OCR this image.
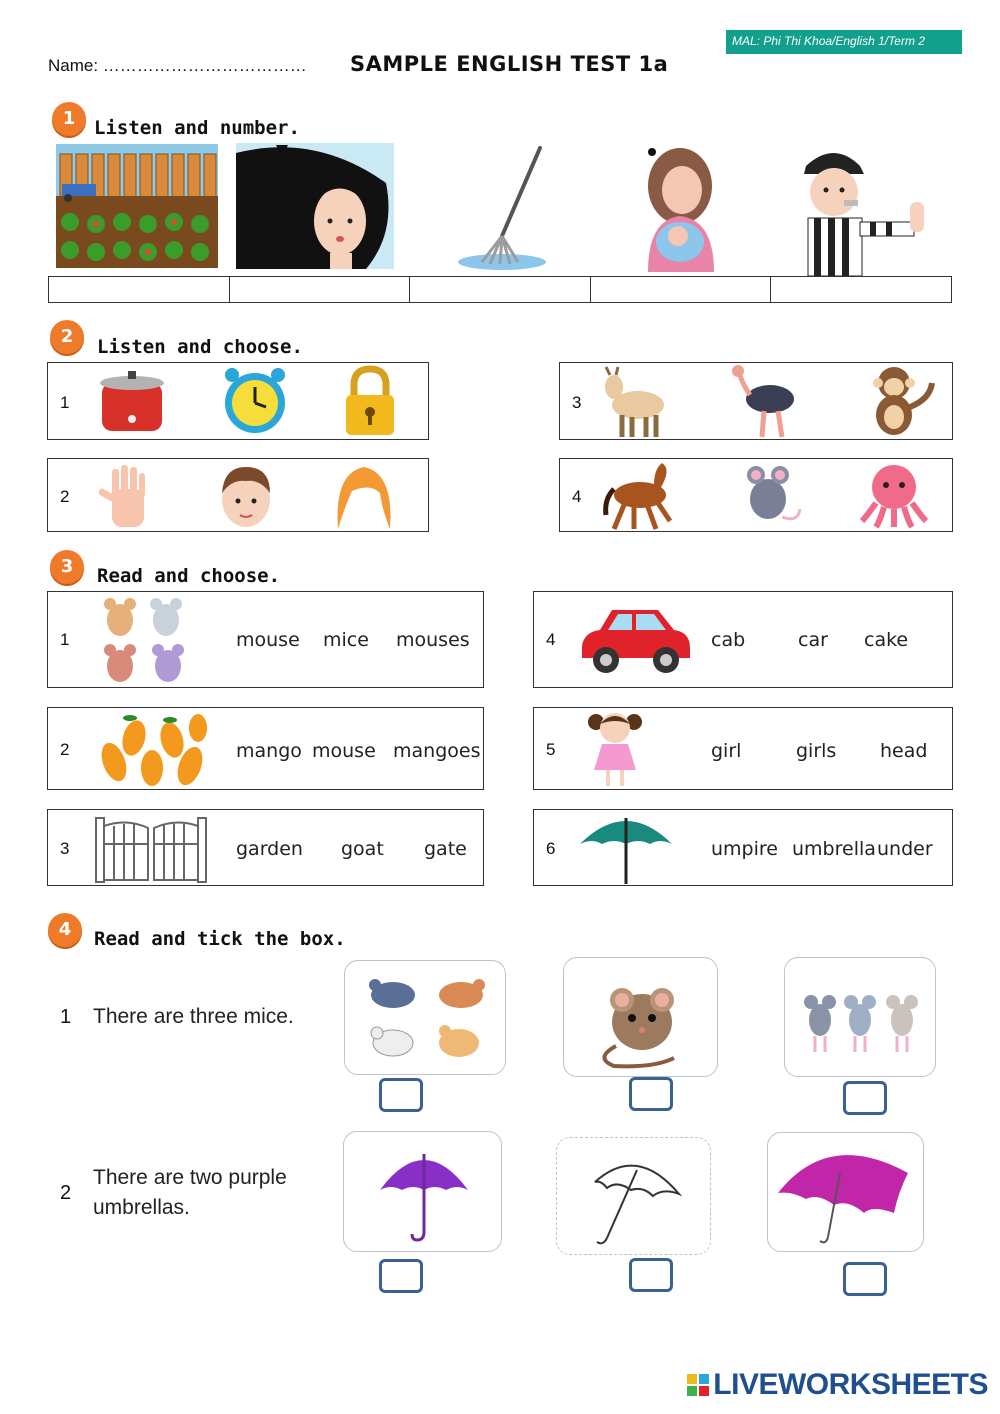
Name: ……………………………… SAMPLE ENGLISH TEST 1a
MAL: Phi Thi Khoa/English 1/Term 2
1 Listen and number.
2	Listen and choose.
1
2
3
4
3	Read and choose.
1	mouse mice mouses
2	mango mouse mangoes
3	garden goat gate
4	cab	car cake
5	girl	girls head
6	umpire umbrella under
4	Read and tick the box.
1 There are three mice.
2
There are two purple
umbrellas.
LIVEWORKSHEETS
